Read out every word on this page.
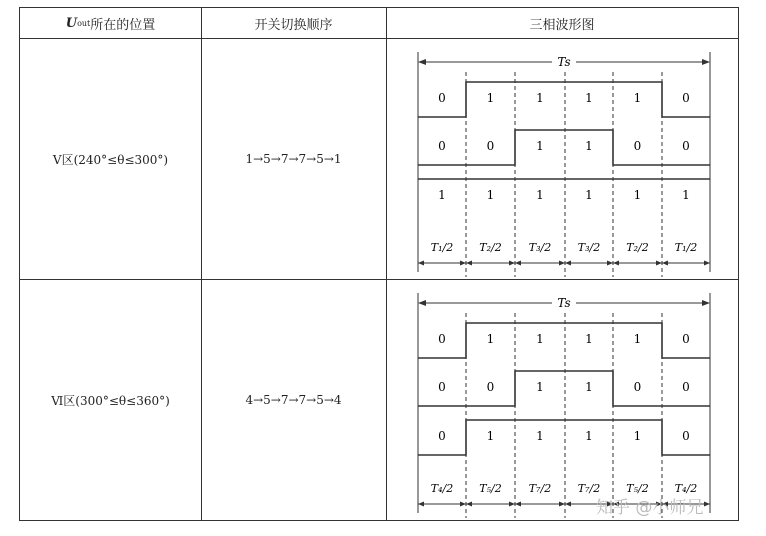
U out 所在的位置	开关切换顺序	三相波形图
Ⅴ区(240°≤θ≤300°)	1→5→7→7→5→1
Ts
0	1	1	1	1	0
0	0	1	1	0	0
1	1	1	1	1	1
T₁/2 T₂/2 T₃/2 T₃/2 T₂/2 T₁/2
Ⅵ区(300°≤θ≤360°)	4→5→7→7→5→4
Ts
0	1	1	1	1	0
0	0	1	1	0	0
0	1	1	1	1	0
T₄/2 T₅/2 T₇/2 T₇/2 T₅/2 T₄/2
知乎 @小师兄
